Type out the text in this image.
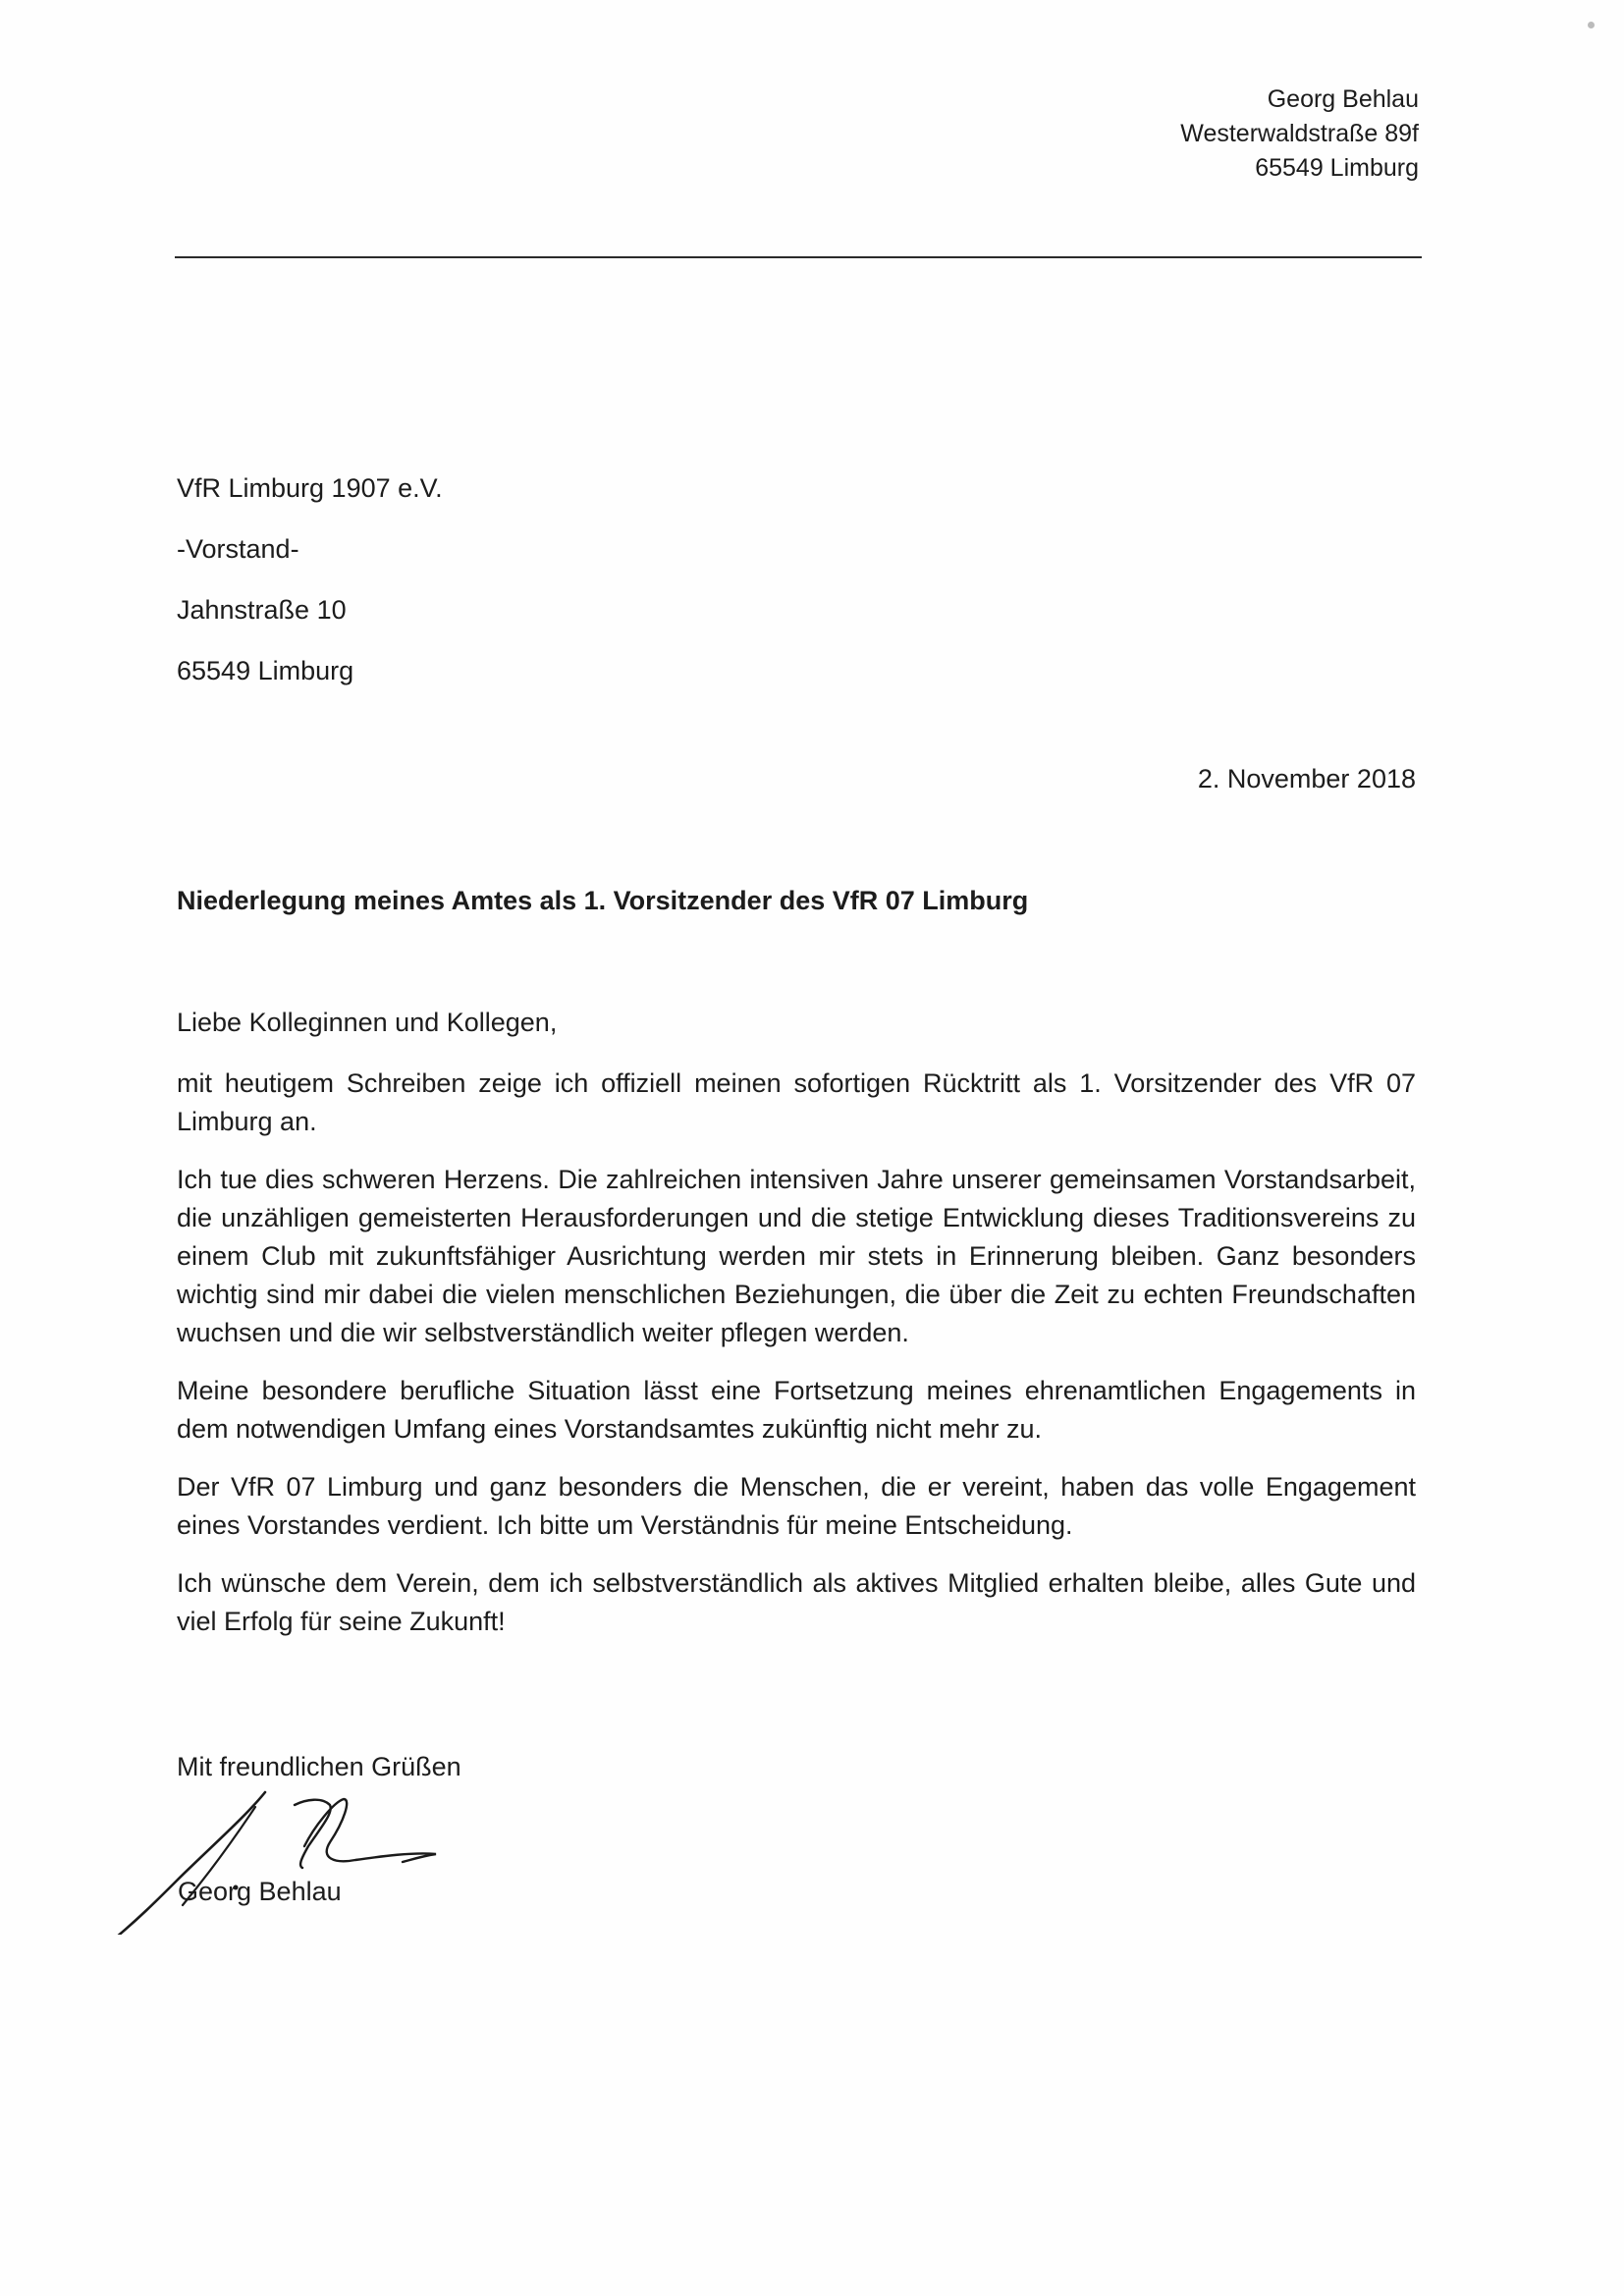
Georg Behlau
Westerwaldstraße 89f
65549 Limburg
VfR Limburg 1907 e.V.
-Vorstand-
Jahnstraße 10
65549 Limburg
2. November 2018
Niederlegung meines Amtes als 1. Vorsitzender des VfR 07 Limburg
Liebe Kolleginnen und Kollegen,

mit heutigem Schreiben zeige ich offiziell meinen sofortigen Rücktritt als 1. Vorsitzender des VfR 07 Limburg an.

Ich tue dies schweren Herzens. Die zahlreichen intensiven Jahre unserer gemeinsamen Vorstandsarbeit, die unzähligen gemeisterten Herausforderungen und die stetige Entwicklung dieses Traditionsvereins zu einem Club mit zukunftsfähiger Ausrichtung werden mir stets in Erinnerung bleiben. Ganz besonders wichtig sind mir dabei die vielen menschlichen Beziehungen, die über die Zeit zu echten Freundschaften wuchsen und die wir selbstverständlich weiter pflegen werden.

Meine besondere berufliche Situation lässt eine Fortsetzung meines ehrenamtlichen Engagements in dem notwendigen Umfang eines Vorstandsamtes zukünftig nicht mehr zu.

Der VfR 07 Limburg und ganz besonders die Menschen, die er vereint, haben das volle Engagement eines Vorstandes verdient. Ich bitte um Verständnis für meine Entscheidung.

Ich wünsche dem Verein, dem ich selbstverständlich als aktives Mitglied erhalten bleibe, alles Gute und viel Erfolg für seine Zukunft!

Mit freundlichen Grüßen
Georg Behlau
